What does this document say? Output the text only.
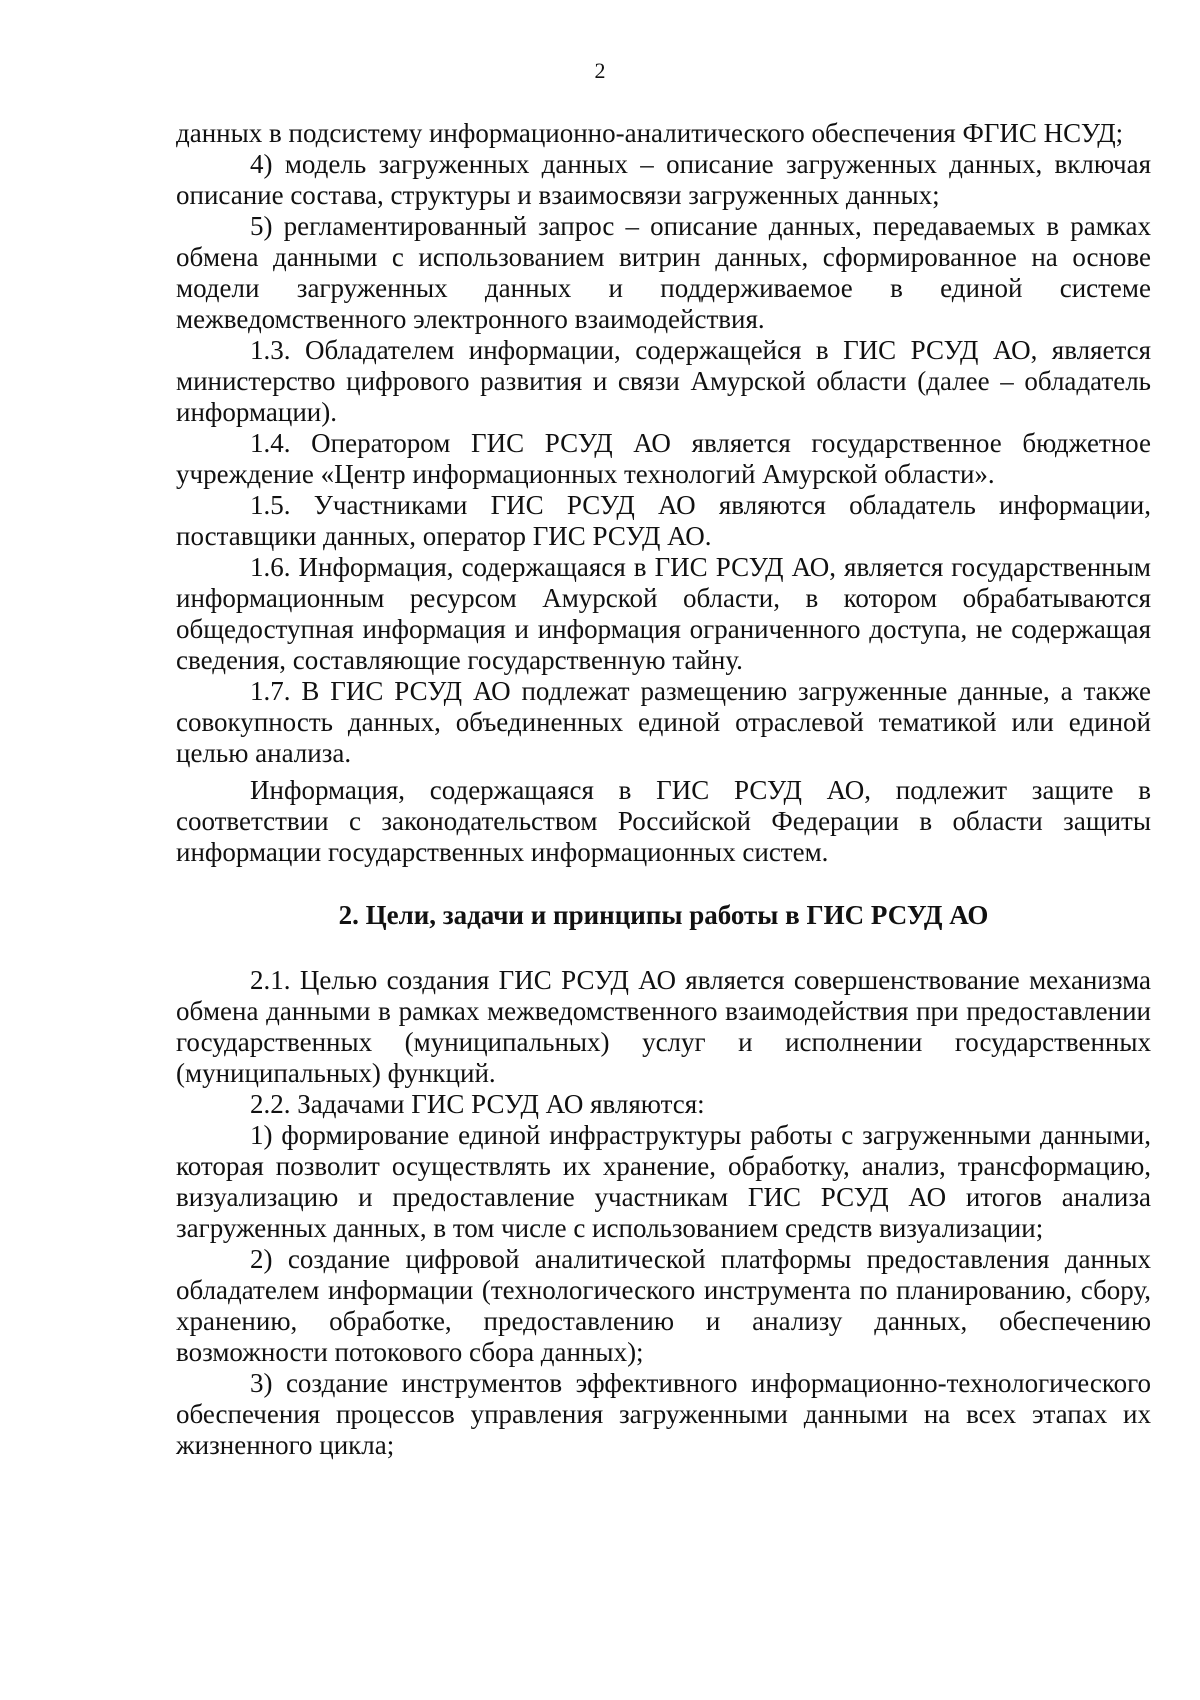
2

данных в подсистему информационно-аналитического обеспечения ФГИС НСУД;

4) модель загруженных данных – описание загруженных данных, включая описание состава, структуры и взаимосвязи загруженных данных;

5) регламентированный запрос – описание данных, передаваемых в рамках обмена данными с использованием витрин данных, сформированное на основе модели загруженных данных и поддерживаемое в единой системе межведомственного электронного взаимодействия.

1.3. Обладателем информации, содержащейся в ГИС РСУД АО, является министерство цифрового развития и связи Амурской области (далее – обладатель информации).

1.4. Оператором ГИС РСУД АО является государственное бюджетное учреждение «Центр информационных технологий Амурской области».

1.5. Участниками ГИС РСУД АО являются обладатель информации, поставщики данных, оператор ГИС РСУД АО.

1.6. Информация, содержащаяся в ГИС РСУД АО, является государственным информационным ресурсом Амурской области, в котором обрабатываются общедоступная информация и информация ограниченного доступа, не содержащая сведения, составляющие государственную тайну.

1.7. В ГИС РСУД АО подлежат размещению загруженные данные, а также совокупность данных, объединенных единой отраслевой тематикой или единой целью анализа.

Информация, содержащаяся в ГИС РСУД АО, подлежит защите в соответствии с законодательством Российской Федерации в области защиты информации государственных информационных систем.

2. Цели, задачи и принципы работы в ГИС РСУД АО

2.1. Целью создания ГИС РСУД АО является совершенствование механизма обмена данными в рамках межведомственного взаимодействия при предоставлении государственных (муниципальных) услуг и исполнении государственных (муниципальных) функций.

2.2. Задачами ГИС РСУД АО являются:

1) формирование единой инфраструктуры работы с загруженными данными, которая позволит осуществлять их хранение, обработку, анализ, трансформацию, визуализацию и предоставление участникам ГИС РСУД АО итогов анализа загруженных данных, в том числе с использованием средств визуализации;

2) создание цифровой аналитической платформы предоставления данных обладателем информации (технологического инструмента по планированию, сбору, хранению, обработке, предоставлению и анализу данных, обеспечению возможности потокового сбора данных);

3) создание инструментов эффективного информационно-технологического обеспечения процессов управления загруженными данными на всех этапах их жизненного цикла;
